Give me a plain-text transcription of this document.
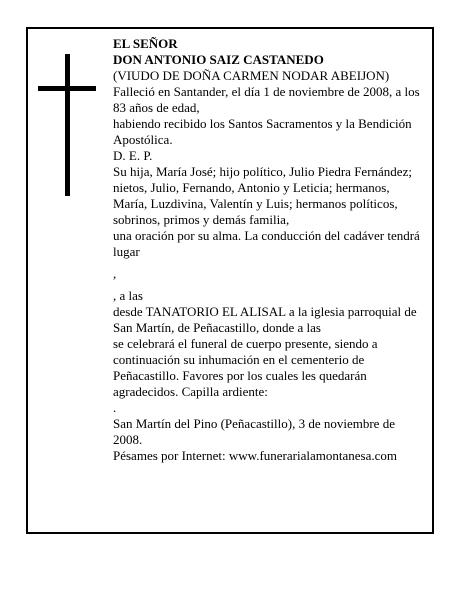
EL SEÑOR
DON ANTONIO SAIZ CASTANEDO
(VIUDO DE DOÑA CARMEN NODAR ABEIJON)
Falleció en Santander, el día 1 de noviembre de 2008, a los 83 años de edad,
habiendo recibido los Santos Sacramentos y la Bendición Apostólica.
D. E. P.
Su hija, María José; hijo político, Julio Piedra Fernández; nietos, Julio, Fernando, Antonio y Leticia; hermanos, María, Luzdivina, Valentín y Luis; hermanos políticos, sobrinos, primos y demás familia,
una oración por su alma. La conducción del cadáver tendrá lugar
,
, a las
desde TANATORIO EL ALISAL a la iglesia parroquial de San Martín, de Peñacastillo, donde a las
se celebrará el funeral de cuerpo presente, siendo a continuación su inhumación en el cementerio de Peñacastillo. Favores por los cuales les quedarán agradecidos. Capilla ardiente:
.
San Martín del Pino (Peñacastillo), 3 de noviembre de 2008.
Pésames por Internet: www.funerarialamontanesa.com
